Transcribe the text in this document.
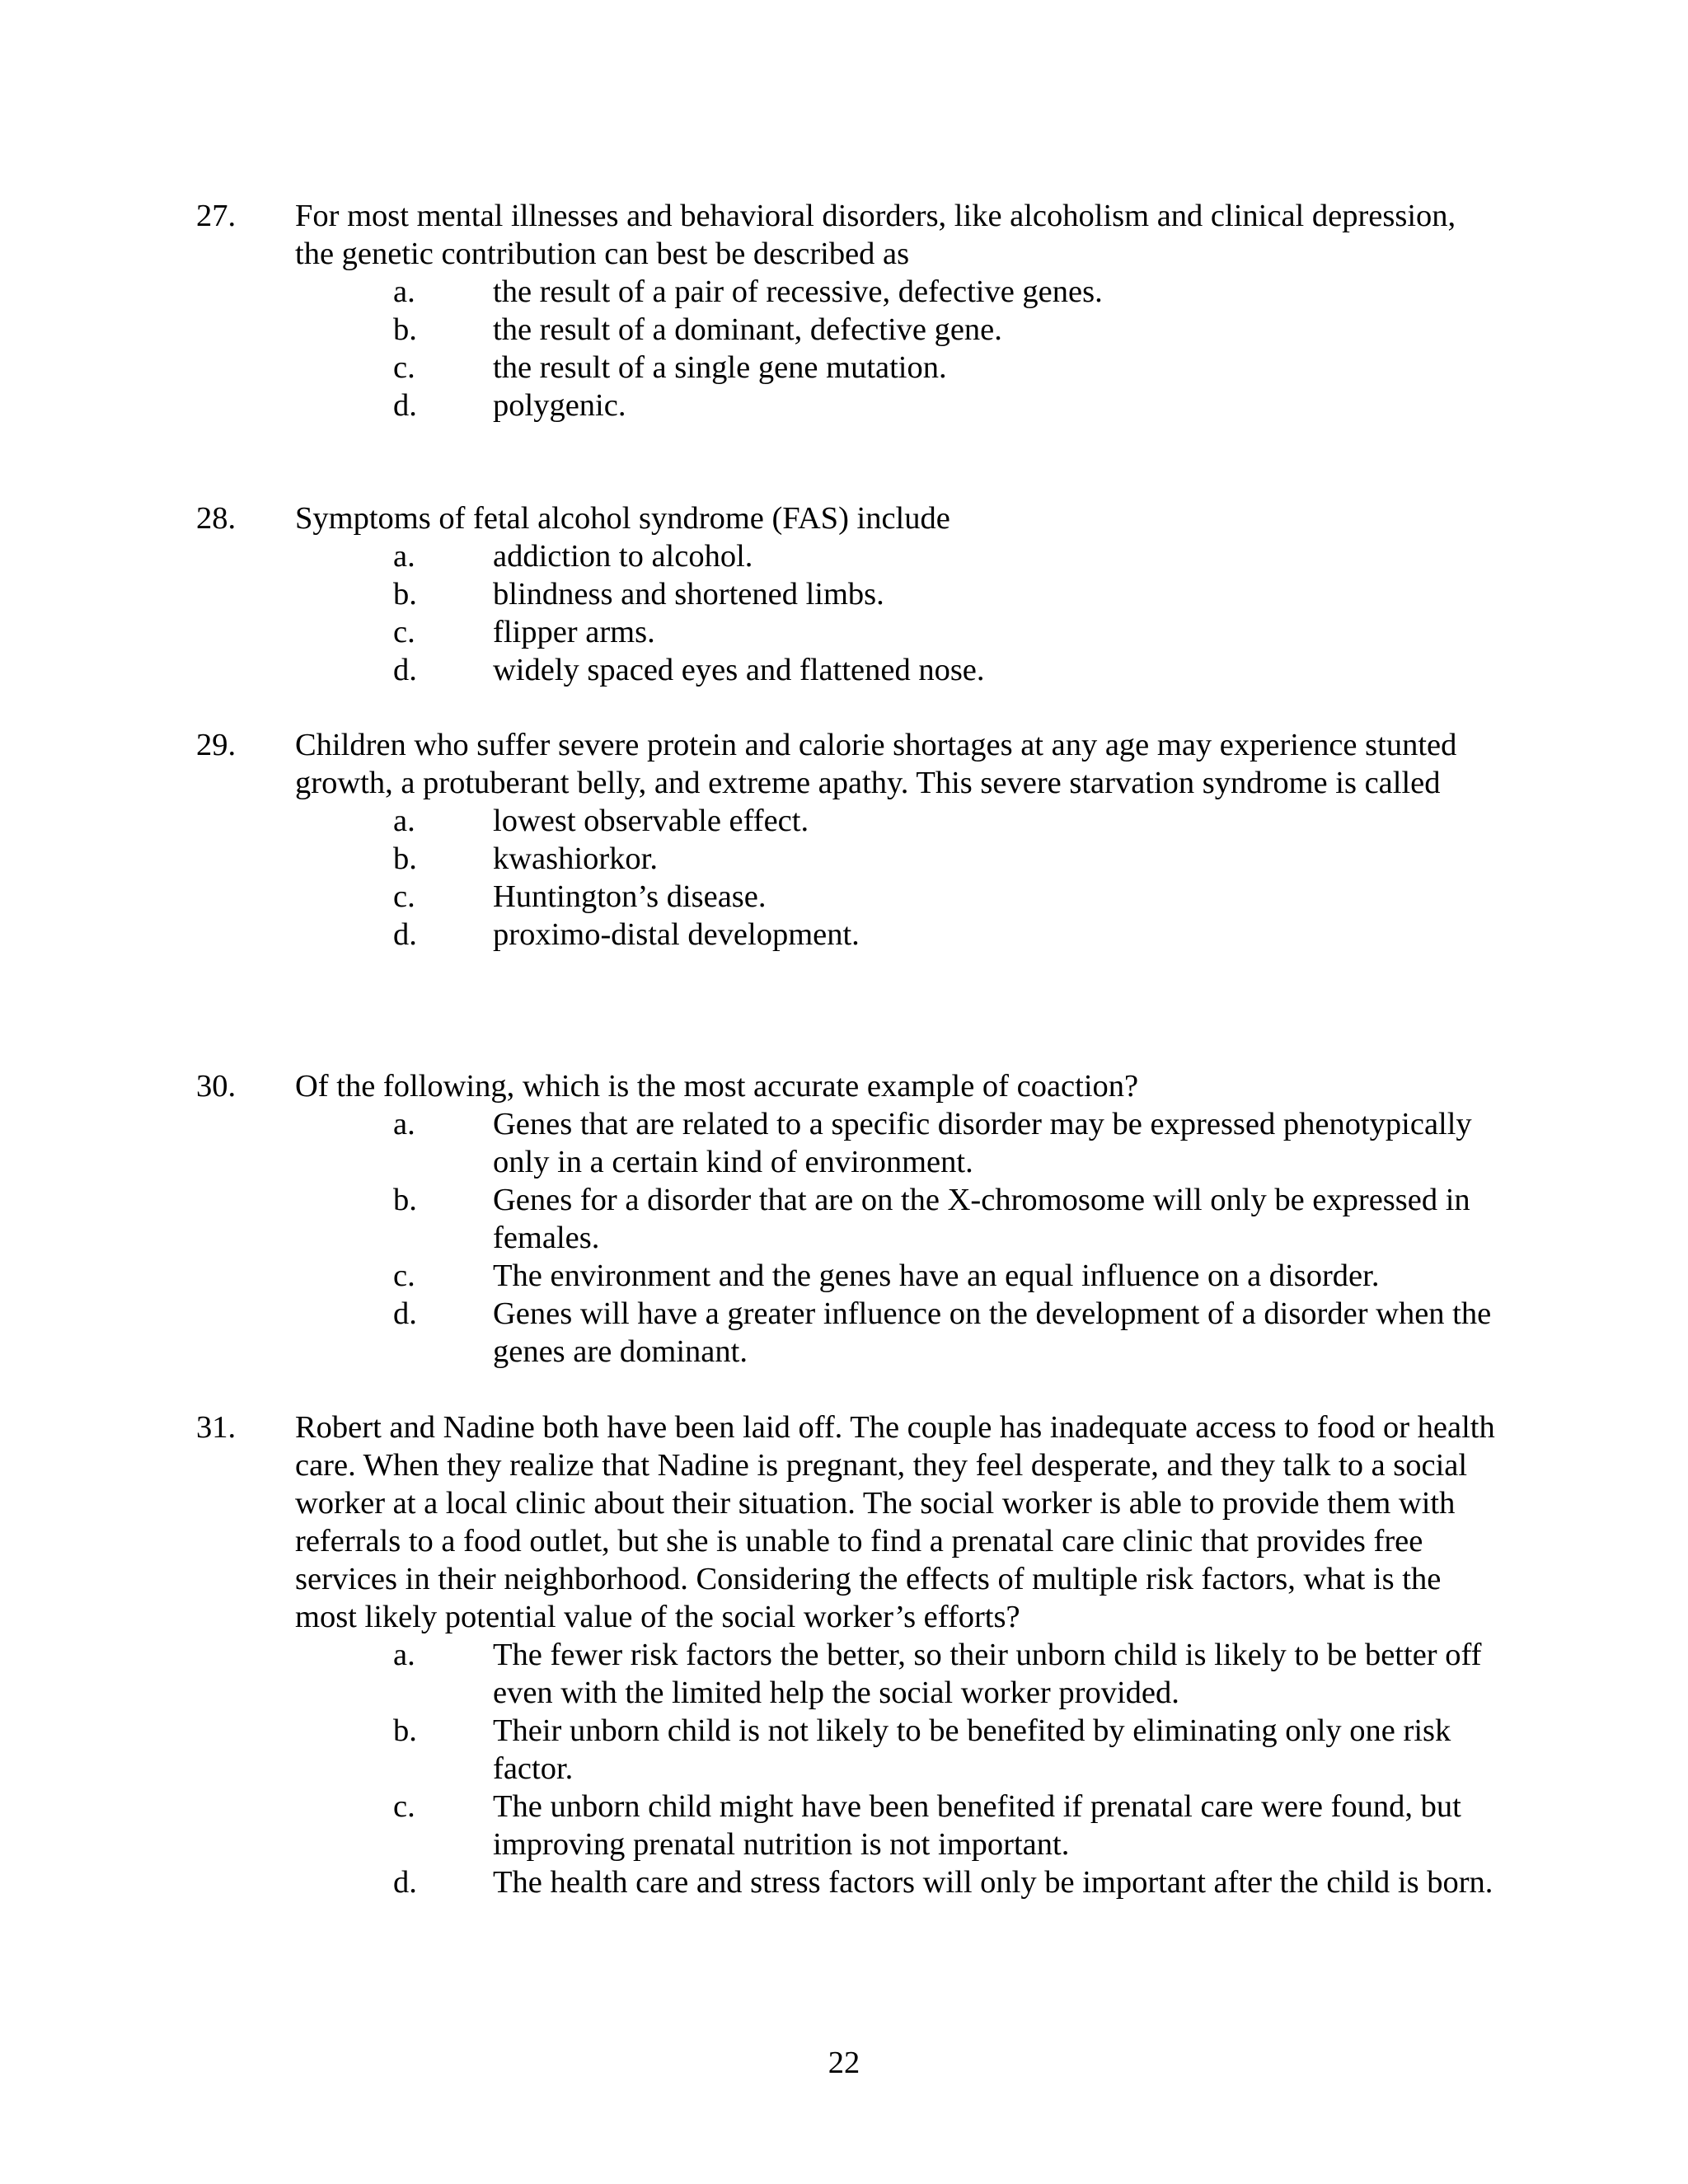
27. For most mental illnesses and behavioral disorders, like alcoholism and clinical depression, the genetic contribution can best be described as
a. the result of a pair of recessive, defective genes.
b. the result of a dominant, defective gene.
c. the result of a single gene mutation.
d. polygenic.
28. Symptoms of fetal alcohol syndrome (FAS) include
a. addiction to alcohol.
b. blindness and shortened limbs.
c. flipper arms.
d. widely spaced eyes and flattened nose.
29. Children who suffer severe protein and calorie shortages at any age may experience stunted growth, a protuberant belly, and extreme apathy. This severe starvation syndrome is called
a. lowest observable effect.
b. kwashiorkor.
c. Huntington’s disease.
d. proximo-distal development.
30. Of the following, which is the most accurate example of coaction?
a. Genes that are related to a specific disorder may be expressed phenotypically only in a certain kind of environment.
b. Genes for a disorder that are on the X-chromosome will only be expressed in females.
c. The environment and the genes have an equal influence on a disorder.
d. Genes will have a greater influence on the development of a disorder when the genes are dominant.
31. Robert and Nadine both have been laid off. The couple has inadequate access to food or health care. When they realize that Nadine is pregnant, they feel desperate, and they talk to a social worker at a local clinic about their situation. The social worker is able to provide them with referrals to a food outlet, but she is unable to find a prenatal care clinic that provides free services in their neighborhood. Considering the effects of multiple risk factors, what is the most likely potential value of the social worker’s efforts?
a. The fewer risk factors the better, so their unborn child is likely to be better off even with the limited help the social worker provided.
b. Their unborn child is not likely to be benefited by eliminating only one risk factor.
c. The unborn child might have been benefited if prenatal care were found, but improving prenatal nutrition is not important.
d. The health care and stress factors will only be important after the child is born.
22
